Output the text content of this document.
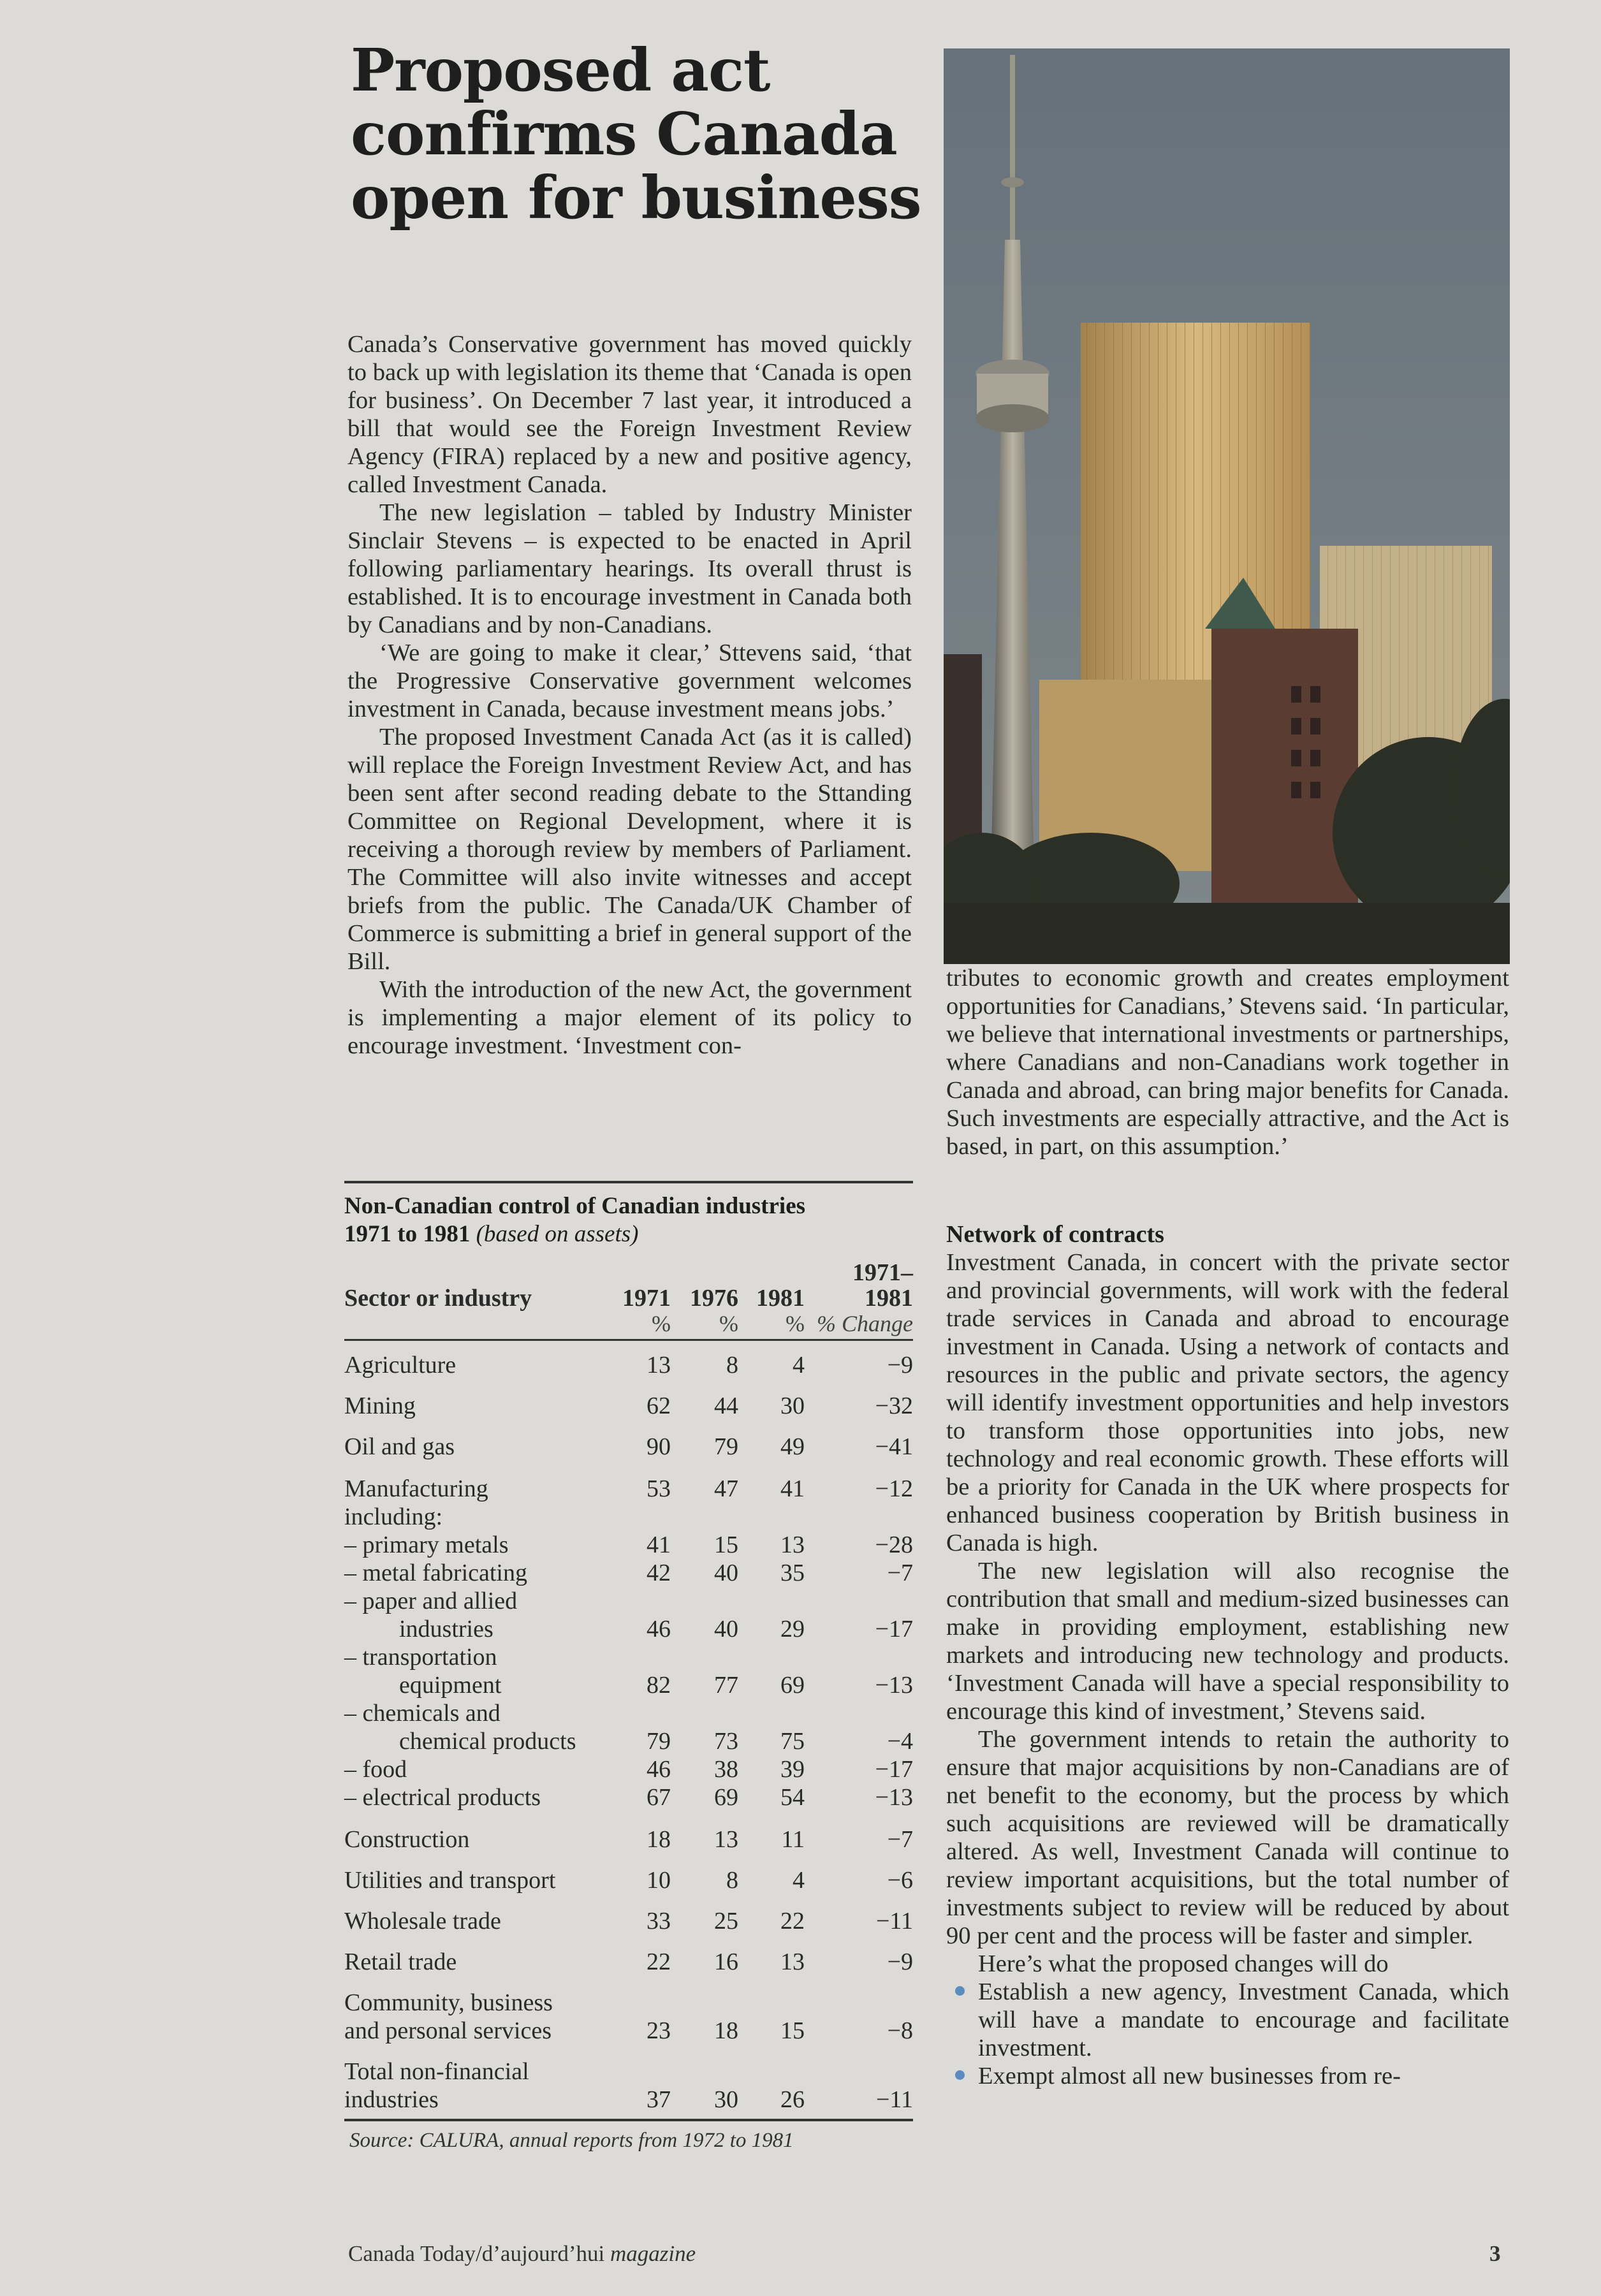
Proposed act
confirms Canada
open for business

Canada’s Conservative government has moved quickly to back up with legislation its theme that ‘Canada is open for business’. On December 7 last year, it introduced a bill that would see the Foreign Investment Review Agency (FIRA) replaced by a new and positive agency, called Investment Canada.

The new legislation – tabled by Industry Minister Sinclair Stevens – is expected to be enacted in April following parliamentary hearings. Its overall thrust is established. It is to encourage investment in Canada both by Canadians and by non-Canadians.

‘We are going to make it clear,’ Sttevens said, ‘that the Progressive Conservative government welcomes investment in Canada, because investment means jobs.’

The proposed Investment Canada Act (as it is called) will replace the Foreign Investment Review Act, and has been sent after second reading debate to the Sttanding Committee on Regional Development, where it is receiving a thorough review by members of Parliament. The Committee will also invite witnesses and accept briefs from the public. The Canada/UK Chamber of Commerce is submitting a brief in general support of the Bill.

With the introduction of the new Act, the government is implementing a major element of its policy to encourage investment. ‘Investment con-

tributes to economic growth and creates employment opportunities for Canadians,’ Stevens said. ‘In particular, we believe that international investments or partnerships, where Canadians and non-Canadians work together in Canada and abroad, can bring major benefits for Canada. Such investments are especially attractive, and the Act is based, in part, on this assumption.’

Network of contracts

Investment Canada, in concert with the private sector and provincial governments, will work with the federal trade services in Canada and abroad to encourage investment in Canada. Using a network of contacts and resources in the public and private sectors, the agency will identify investment opportunities and help investors to transform those opportunities into jobs, new technology and real economic growth. These efforts will be a priority for Canada in the UK where prospects for enhanced business cooperation by British business in Canada is high.

The new legislation will also recognise the contribution that small and medium-sized businesses can make in providing employment, establishing new markets and introducing new technology and products. ‘Investment Canada will have a special responsibility to encourage this kind of investment,’ Stevens said.

The government intends to retain the authority to ensure that major acquisitions by non-Canadians are of net benefit to the economy, but the process by which such acquisitions are reviewed will be dramatically altered. As well, Investment Canada will continue to review important acquisitions, but the total number of investments subject to review will be reduced by about 90 per cent and the process will be faster and simpler.

Here’s what the proposed changes will do

Establish a new agency, Investment Canada, which will have a mandate to encourage and facilitate investment.
Exempt almost all new businesses from re-
Non-Canadian control of Canadian industries
1971 to 1981 (based on assets)
Sector or industry	1971	1976	1981	1971–1981
	%	%	%	% Change
Agriculture	13	8	4	−9
Mining	62	44	30	−32
Oil and gas	90	79	49	−41
Manufacturing
including:	53	47	41	−12
– primary metals	41	15	13	−28
– metal fabricating	42	40	35	−7
– paper and allied
industries	46	40	29	−17
– transportation
equipment	82	77	69	−13
– chemicals and
chemical products	79	73	75	−4
– food	46	38	39	−17
– electrical products	67	69	54	−13
Construction	18	13	11	−7
Utilities and transport	10	8	4	−6
Wholesale trade	33	25	22	−11
Retail trade	22	16	13	−9
Community, business
and personal services	23	18	15	−8
Total non-financial
industries	37	30	26	−11
Source: CALURA, annual reports from 1972 to 1981
Canada Today/d’aujourd’hui magazine	3
